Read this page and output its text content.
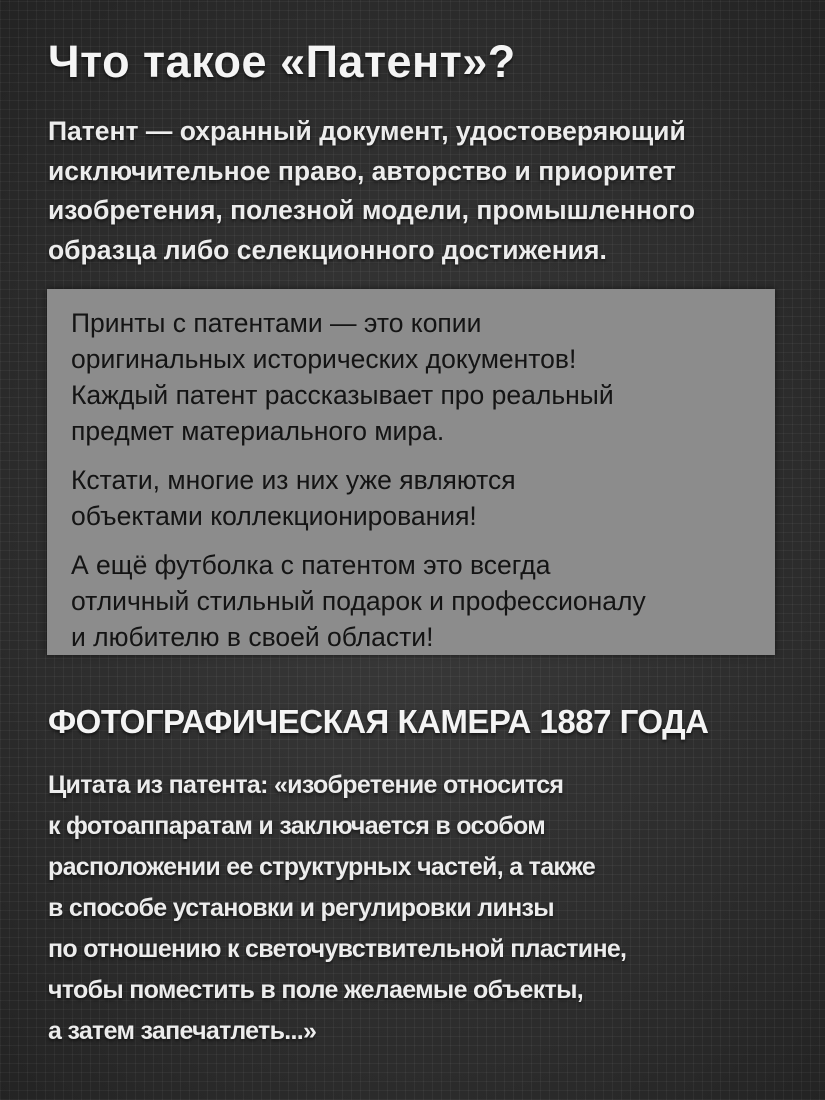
Что такое «Патент»?

Патент — охранный документ, удостоверяющий
исключительное право, авторство и приоритет
изобретения, полезной модели, промышленного
образца либо селекционного достижения.

Принты с патентами — это копии
оригинальных исторических документов!
Каждый патент рассказывает про реальный
предмет материального мира.

Кстати, многие из них уже являются
объектами коллекционирования!

А ещё футболка с патентом это всегда
отличный стильный подарок и профессионалу
и любителю в своей области!

ФОТОГРАФИЧЕСКАЯ КАМЕРА 1887 ГОДА

Цитата из патента: «изобретение относится
к фотоаппаратам и заключается в особом
расположении ее структурных частей, а также
в способе установки и регулировки линзы
по отношению к светочувствительной пластине,
чтобы поместить в поле желаемые объекты,
а затем запечатлеть...»
